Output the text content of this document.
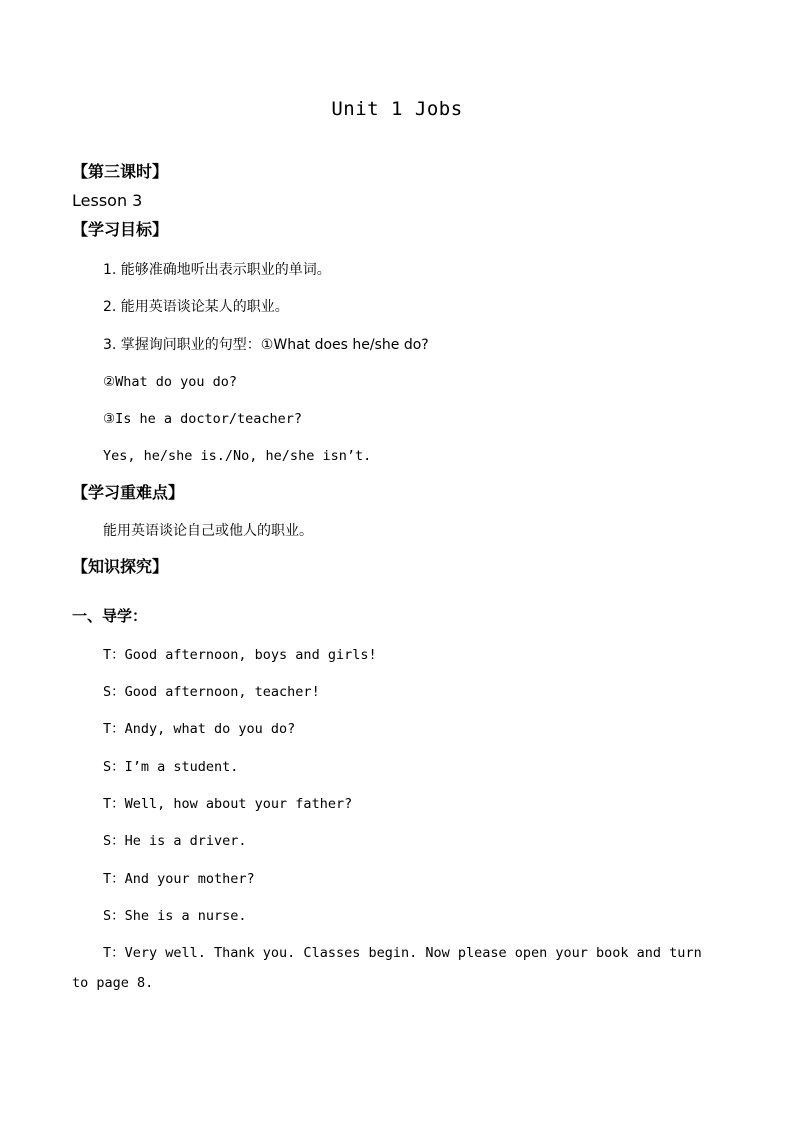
Unit 1 Jobs
【第三课时】
Lesson 3
【学习目标】
1. 能够准确地听出表示职业的单词。
2. 能用英语谈论某人的职业。
3. 掌握询问职业的句型：①What does he/she do?
②What do you do?
③Is he a doctor/teacher?
Yes, he/she is./No, he/she isn’t.
【学习重难点】
能用英语谈论自己或他人的职业。
【知识探究】
一、导学：
T：Good afternoon, boys and girls!
S：Good afternoon, teacher!
T：Andy, what do you do?
S：I’m a student.
T：Well, how about your father?
S：He is a driver.
T：And your mother?
S：She is a nurse.
T：Very well. Thank you. Classes begin. Now please open your book and turn to page 8.
